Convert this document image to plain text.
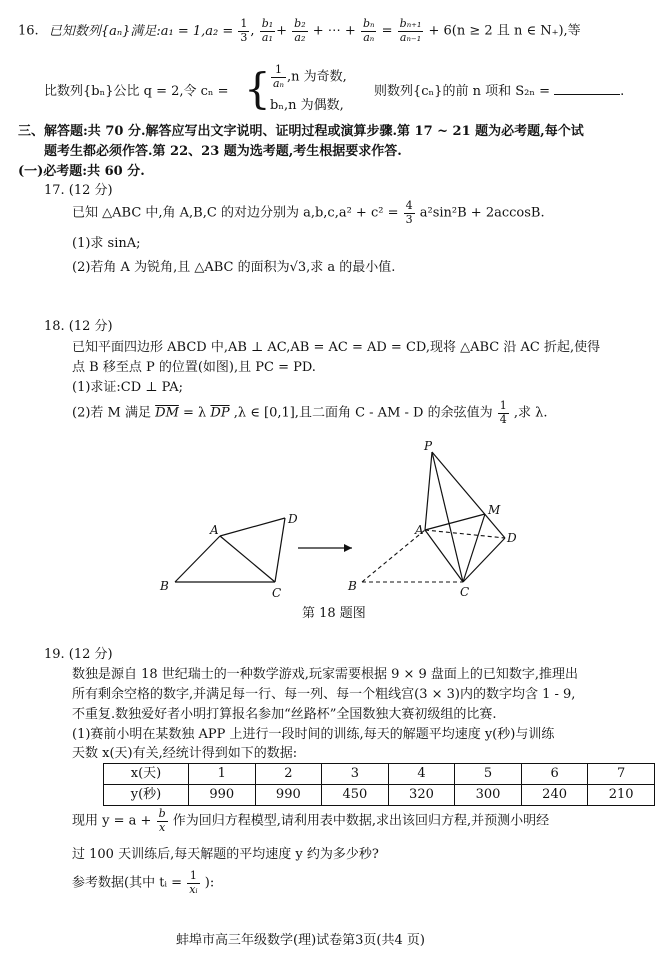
16. 已知数列{aₙ}满足:a₁ = $1,a_2 = \frac{1}{3}$ , $\frac{\text{b₁}}{\text{a₁}} + \frac{\text{b₂}}{\text{a₂}}$ + ⋯ + $\frac{\text{bₙ}}{\text{aₙ}} = \frac{\text{bₙ₊₁}}{\text{aₙ₋₁}} + 6(n \ge 2$ 且 n ∈ N₊),等
比数列{bₙ}公比 q = 2,令 cₙ = { $\frac{1}{\text{aₙ}} ,n$ 为奇数,
bₙ,n 为偶数,
则数列{cₙ}的前 n 项和 S₂ₙ =	.
三、解答题:共 70 分.解答应写出文字说明、证明过程或演算步骤.第 17 ~ 21 题为必考题,每个试
题考生都必须作答.第 22、23 题为选考题,考生根据要求作答.
(一)必考题:共 60 分.
17. (12 分)
已知 △ABC 中,角 A,B,C 的对边分别为 $a,b,c,a^2 + c^2 = \frac{4}{3} a^2\sin^2B + 2accosB$.
(1)求 sinA;
(2)若角 A 为锐角,且 △ABC 的面积为√3,求 a 的最小值.
18. (12 分)
已知平面四边形 ABCD 中,AB ⊥ AC,AB = AC = AD = CD,现将 △ABC 沿 AC 折起,使得
点 B 移至点 P 的位置(如图),且 PC = PD.
(1)求证:CD ⊥ PA;
(2)若 M 满足 $\overline{DM} = \lambda$ $\overline{DP}$ ,λ ∈ [0,1],且二面角 C - AM - D 的余弦值为 $\frac{1}{4}$ ,求 λ.
B
A
C
D
P
A
M
D
B	C
第 18 题图
19. (12 分)
数独是源自 18 世纪瑞士的一种数学游戏,玩家需要根据 9 × 9 盘面上的已知数字,推理出
所有剩余空格的数字,并满足每一行、每一列、每一个粗线宫(3 × 3)内的数字均含 1 - 9,
不重复.数独爱好者小明打算报名参加“丝路杯”全国数独大赛初级组的比赛.
(1)赛前小明在某数独 APP 上进行一段时间的训练,每天的解题平均速度 y(秒)与训练
天数 x(天)有关,经统计得到如下的数据:
x(天)	1	2	3	4	5	6	7
y(秒)	990	990	450	320	300	240	210
现用 $y = a + \frac{b}{x}$ 作为回归方程模型,请利用表中数据,求出该回归方程,并预测小明经
过 100 天训练后,每天解题的平均速度 y 约为多少秒?
参考数据(其中 tᵢ = $\frac{1}{\text{xᵢ}}$ ):
蚌埠市高三年级数学(理)试卷第3页(共4 页)
